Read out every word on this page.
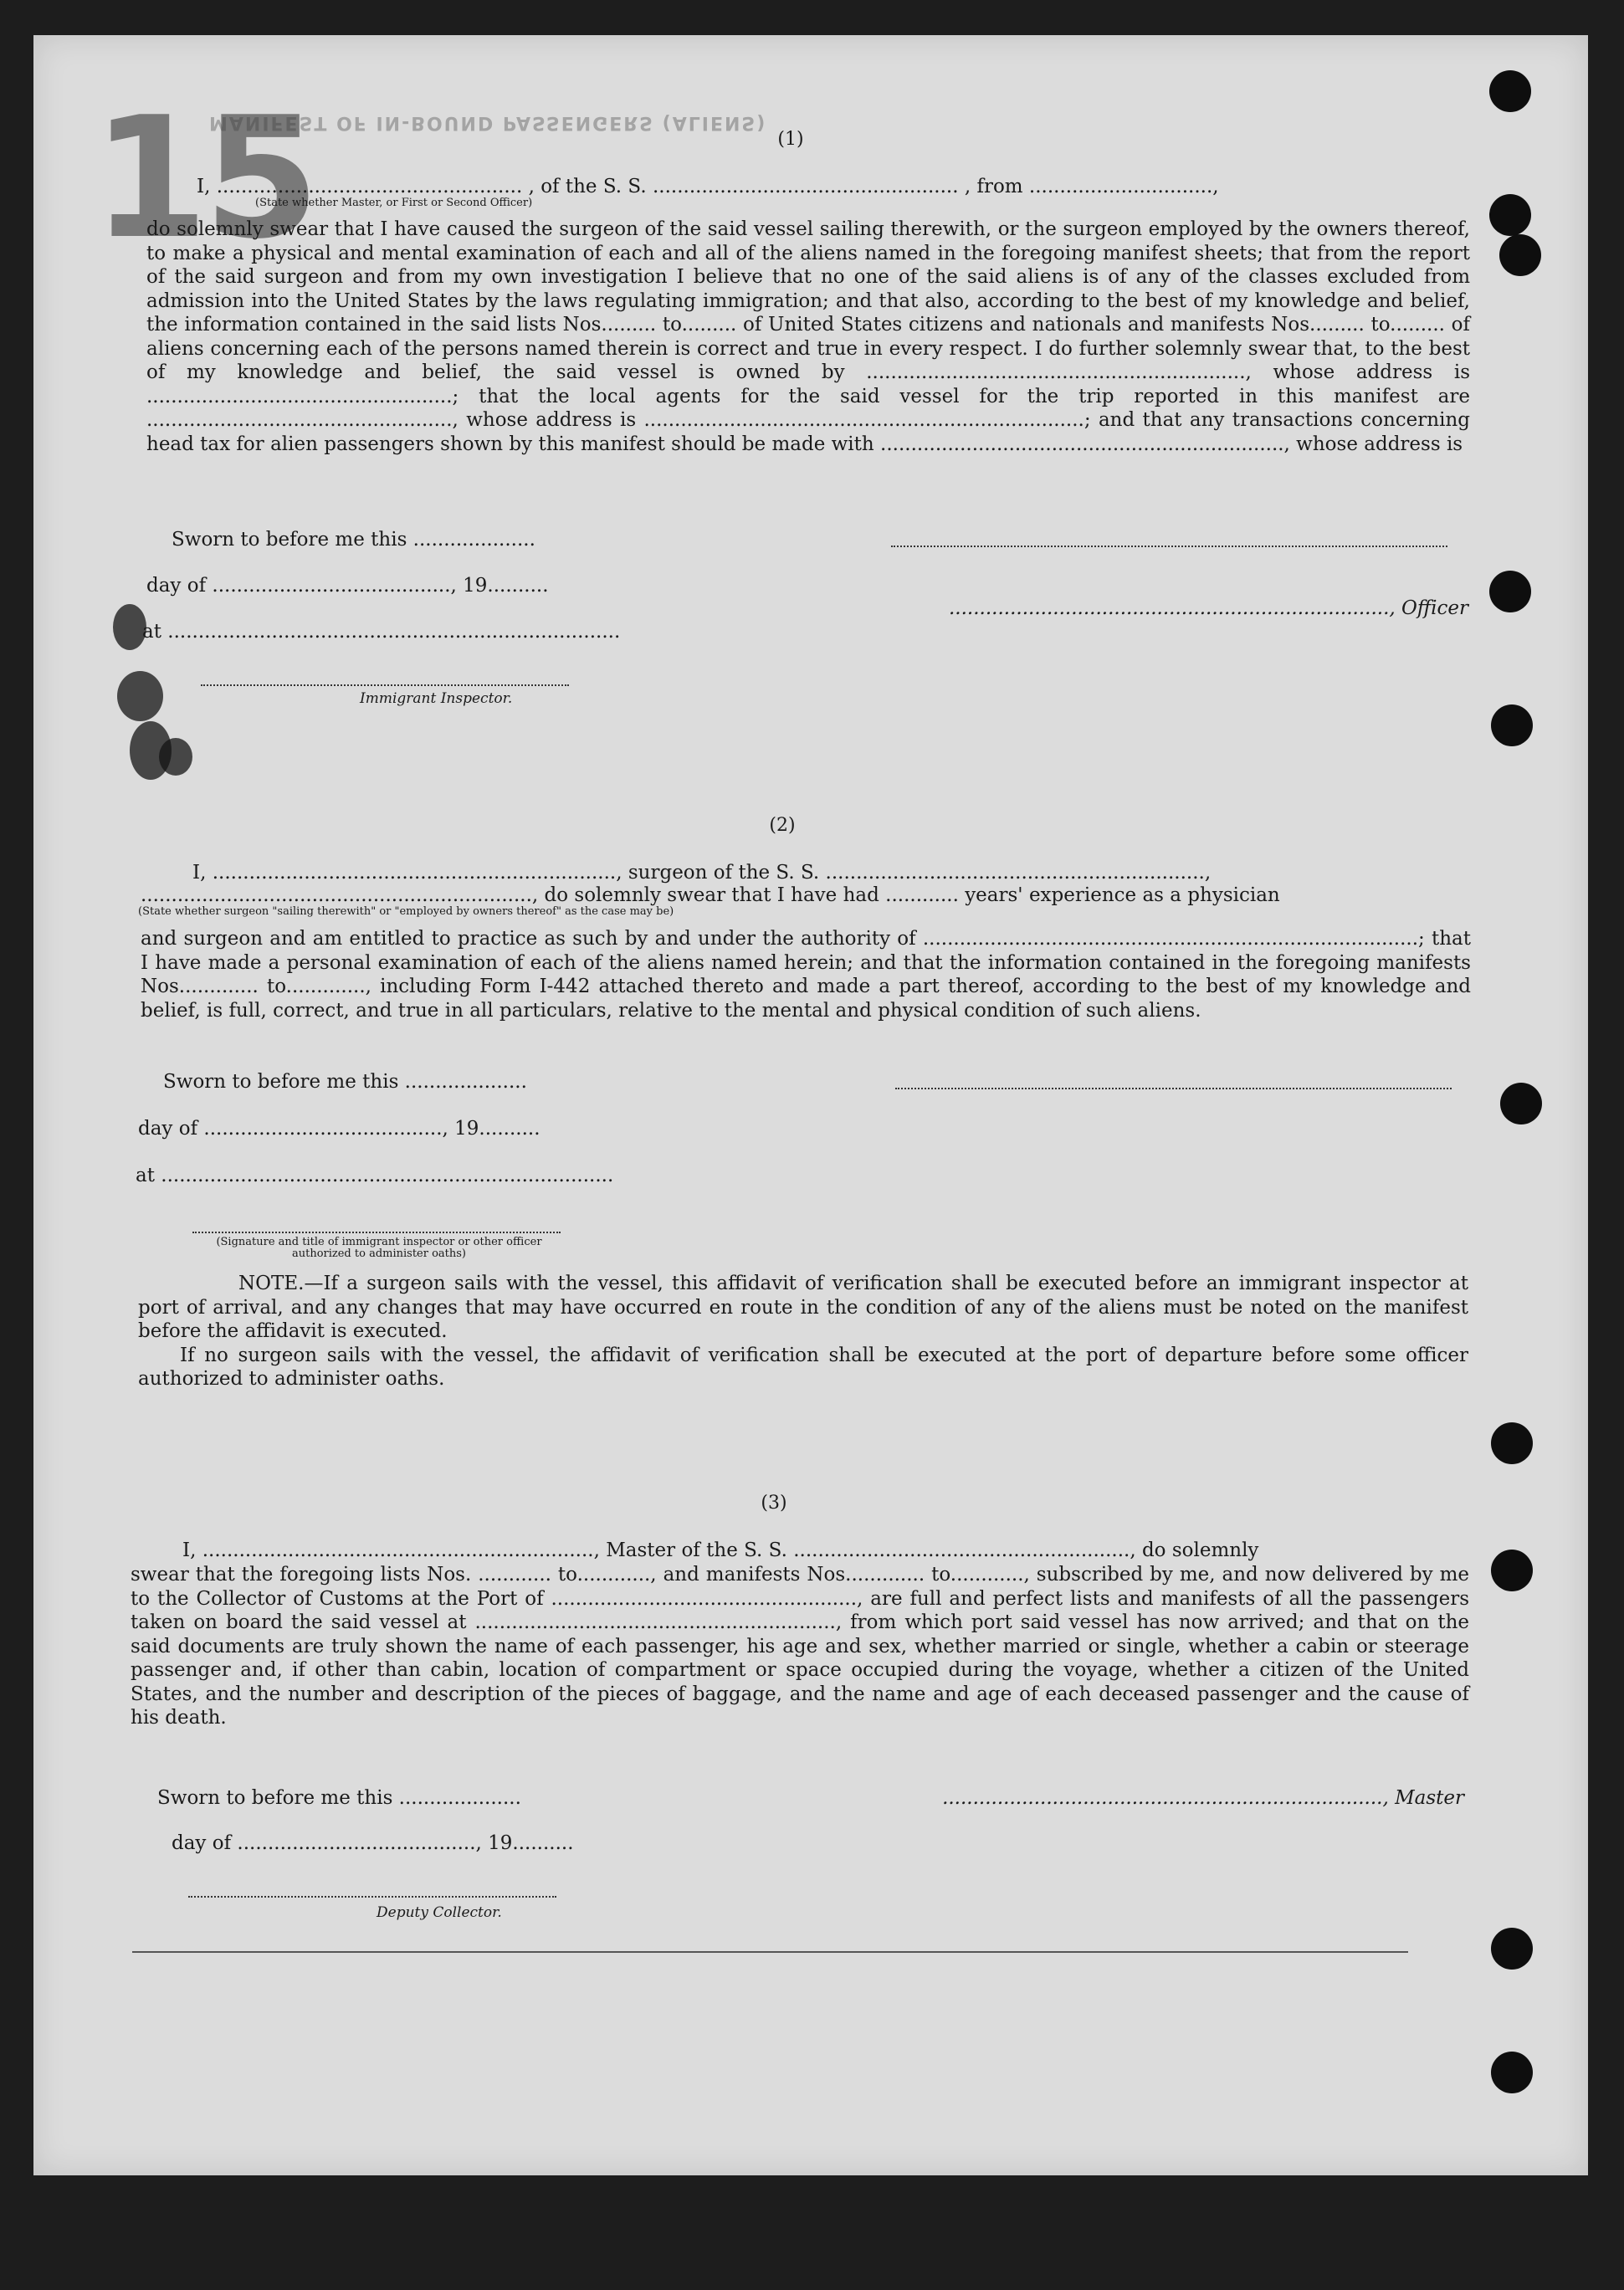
15
MANIFEST OF IN-BOUND PASSENGERS (ALIENS)
(1)
I, .................................................. , of the S. S. .................................................. , from ..............................,
(State whether Master, or First or Second Officer)
do solemnly swear that I have caused the surgeon of the said vessel sailing therewith, or the surgeon employed by the owners thereof, to make a physical and mental examination of each and all of the aliens named in the foregoing manifest sheets; that from the report of the said surgeon and from my own investigation I believe that no one of the said aliens is of any of the classes excluded from admission into the United States by the laws regulating immigration; and that also, according to the best of my knowledge and belief, the information contained in the said lists Nos......... to......... of United States citizens and nationals and manifests Nos......... to......... of aliens concerning each of the persons named therein is correct and true in every respect. I do further solemnly swear that, to the best of my knowledge and belief, the said vessel is owned by .............................................................., whose address is ..................................................; that the local agents for the said vessel for the trip reported in this manifest are .................................................., whose address is ........................................................................; and that any transactions concerning head tax for alien passengers shown by this manifest should be made with .................................................................., whose address is
Sworn to before me this ....................
day of ......................................., 19..........
........................................................................, Officer
at ..........................................................................
Immigrant Inspector.
(2)
I, .................................................................., surgeon of the S. S. ..............................................................,
................................................................, do solemnly swear that I have had ............ years' experience as a physician
(State whether surgeon "sailing therewith" or "employed by owners thereof" as the case may be)
and surgeon and am entitled to practice as such by and under the authority of .................................................................................; that I have made a personal examination of each of the aliens named herein; and that the information contained in the foregoing manifests Nos............. to............., including Form I-442 attached thereto and made a part thereof, according to the best of my knowledge and belief, is full, correct, and true in all particulars, relative to the mental and physical condition of such aliens.
Sworn to before me this ....................
day of ......................................., 19..........
at ..........................................................................
(Signature and title of immigrant inspector or other officer authorized to administer oaths)

NOTE.—If a surgeon sails with the vessel, this affidavit of verification shall be executed before an immigrant inspector at port of arrival, and any changes that may have occurred en route in the condition of any of the aliens must be noted on the manifest before the affidavit is executed.

If no surgeon sails with the vessel, the affidavit of verification shall be executed at the port of departure before some officer authorized to administer oaths.

(3)
I, ................................................................, Master of the S. S. ......................................................., do solemnly
swear that the foregoing lists Nos. ............ to............, and manifests Nos............. to............, subscribed by me, and now delivered by me to the Collector of Customs at the Port of .................................................., are full and perfect lists and manifests of all the passengers taken on board the said vessel at ..........................................................., from which port said vessel has now arrived; and that on the said documents are truly shown the name of each passenger, his age and sex, whether married or single, whether a cabin or steerage passenger and, if other than cabin, location of compartment or space occupied during the voyage, whether a citizen of the United States, and the number and description of the pieces of baggage, and the name and age of each deceased passenger and the cause of his death.
Sworn to before me this ....................	........................................................................, Master
day of ......................................., 19..........
Deputy Collector.
